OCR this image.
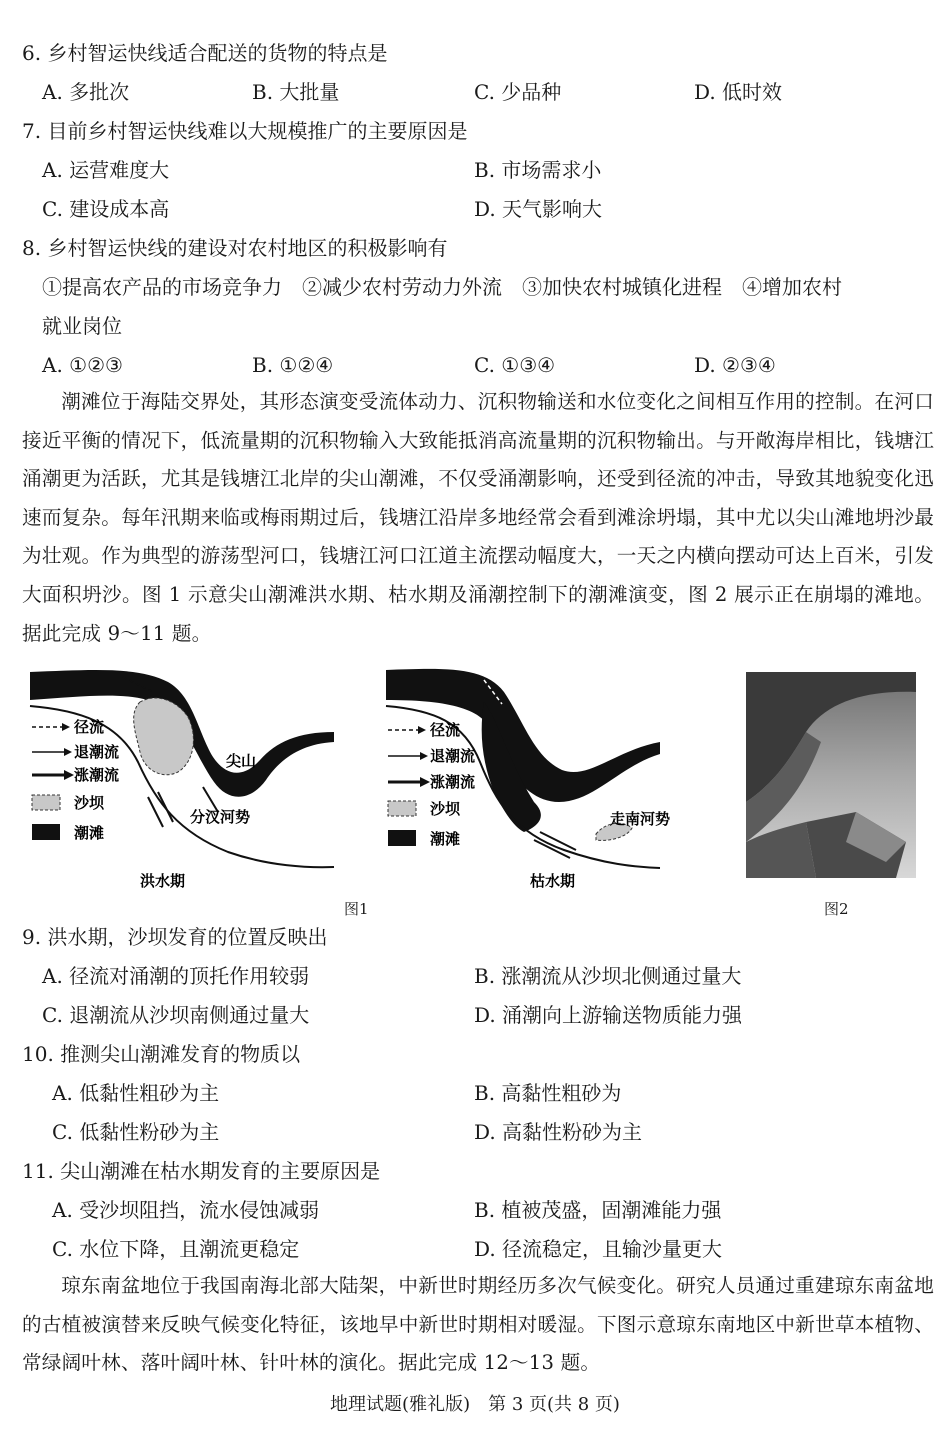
6. 乡村智运快线适合配送的货物的特点是
A. 多批次	B. 大批量	C. 少品种	D. 低时效
7. 目前乡村智运快线难以大规模推广的主要原因是
A. 运营难度大	B. 市场需求小
C. 建设成本高	D. 天气影响大
8. 乡村智运快线的建设对农村地区的积极影响有
①提高农产品的市场竞争力　②减少农村劳动力外流　③加快农村城镇化进程　④增加农村
就业岗位
A. ①②③	B. ①②④	C. ①③④	D. ②③④
潮滩位于海陆交界处，其形态演变受流体动力、沉积物输送和水位变化之间相互作用的控制。在河口接近平衡的情况下，低流量期的沉积物输入大致能抵消高流量期的沉积物输出。与开敞海岸相比，钱塘江涌潮更为活跃，尤其是钱塘江北岸的尖山潮滩，不仅受涌潮影响，还受到径流的冲击，导致其地貌变化迅速而复杂。每年汛期来临或梅雨期过后，钱塘江沿岸多地经常会看到滩涂坍塌，其中尤以尖山滩地坍沙最为壮观。作为典型的游荡型河口，钱塘江河口江道主流摆动幅度大，一天之内横向摆动可达上百米，引发大面积坍沙。图 1 示意尖山潮滩洪水期、枯水期及涌潮控制下的潮滩演变，图 2 展示正在崩塌的滩地。据此完成 9～11 题。
径流
退潮流
涨潮流
沙坝
潮滩
尖山
分汊河势
洪水期
径流
退潮流
涨潮流
沙坝
潮滩
走南河势
枯水期
图1	图2
9. 洪水期，沙坝发育的位置反映出
A. 径流对涌潮的顶托作用较弱	B. 涨潮流从沙坝北侧通过量大
C. 退潮流从沙坝南侧通过量大	D. 涌潮向上游输送物质能力强
10. 推测尖山潮滩发育的物质以
A. 低黏性粗砂为主	B. 高黏性粗砂为
C. 低黏性粉砂为主	D. 高黏性粉砂为主
11. 尖山潮滩在枯水期发育的主要原因是
A. 受沙坝阻挡，流水侵蚀减弱	B. 植被茂盛，固潮滩能力强
C. 水位下降，且潮流更稳定	D. 径流稳定，且输沙量更大
琼东南盆地位于我国南海北部大陆架，中新世时期经历多次气候变化。研究人员通过重建琼东南盆地的古植被演替来反映气候变化特征，该地早中新世时期相对暖湿。下图示意琼东南地区中新世草本植物、常绿阔叶林、落叶阔叶林、针叶林的演化。据此完成 12～13 题。
地理试题(雅礼版)　第 3 页(共 8 页)
